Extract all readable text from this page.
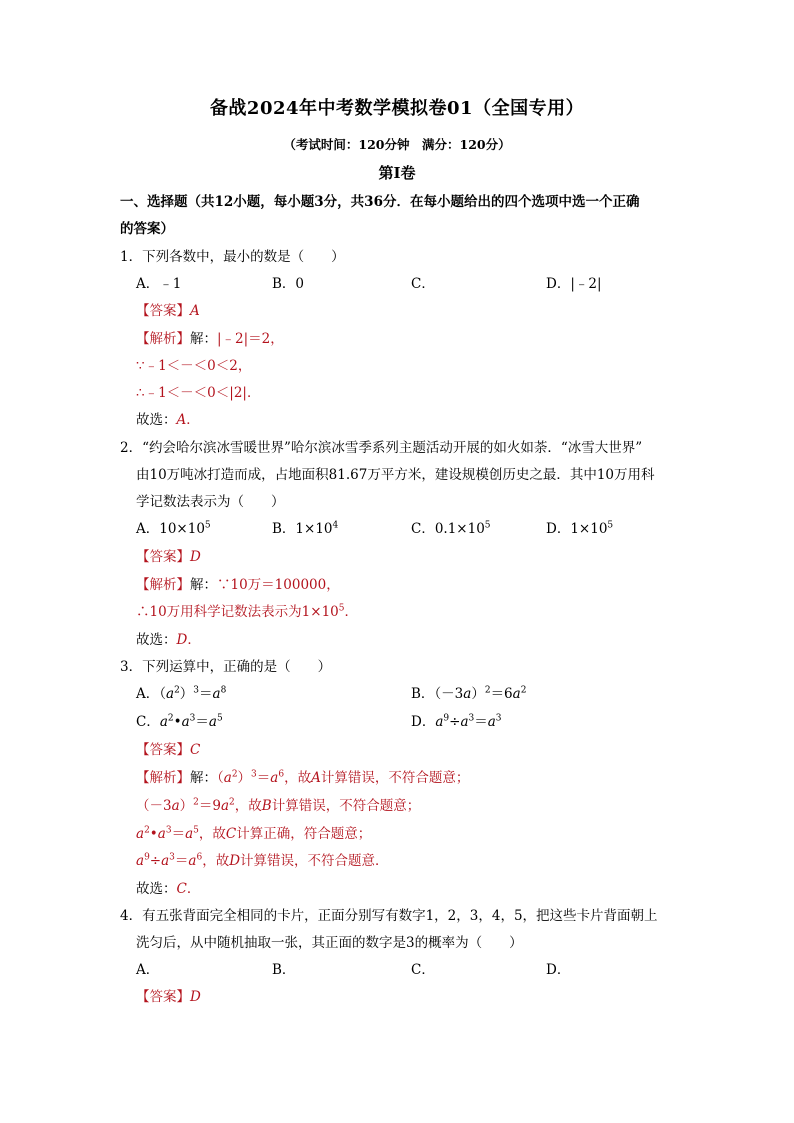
备战2024年中考数学模拟卷01（全国专用）
（考试时间：120分钟　满分：120分）
第Ⅰ卷
一、选择题（共12小题，每小题3分，共36分．在每小题给出的四个选项中选一个正确
的答案）
1．下列各数中，最小的数是（　　）
A．﹣1	B．0	C．	D．|﹣2|
【答案】A
【解析】解：|﹣2|＝2，
∵﹣1＜－＜0＜2，
∴﹣1＜－＜0＜|2|．
故选：A．
2．“约会哈尔滨冰雪暖世界”哈尔滨冰雪季系列主题活动开展的如火如荼．“冰雪大世界”
由10万吨冰打造而成，占地面积81.67万平方米，建设规模创历史之最．其中10万用科
学记数法表示为（　　）
A．$10\times 10^5$	B．$1\times 10^4$	C．$0.1\times 10^5$	D．$1\times 10^5$
【答案】D
【解析】解：∵10万＝100000，
∴10万用科学记数法表示为$1\times 10^5$．
故选：D．
3．下列运算中，正确的是（　　）
A．$(a^2)^3=a^8$	B．$(-3a)^2=6a^2$
C．$a^2•a^3=a^5$	D．$a^9\div a^3=a^3$
【答案】C
【解析】解：$(a^2)^3=a^6$，故A计算错误，不符合题意；
$(-3a)^2=9a^2$，故B计算错误，不符合题意；
$a^2•a^3=a^5$，故C计算正确，符合题意；
$a^9\div a^3=a^6$，故D计算错误，不符合题意．
故选：C．
4．有五张背面完全相同的卡片，正面分别写有数字1，2，3，4，5，把这些卡片背面朝上
洗匀后，从中随机抽取一张，其正面的数字是3的概率为（　　）
A．	B．	C．	D．
【答案】D
